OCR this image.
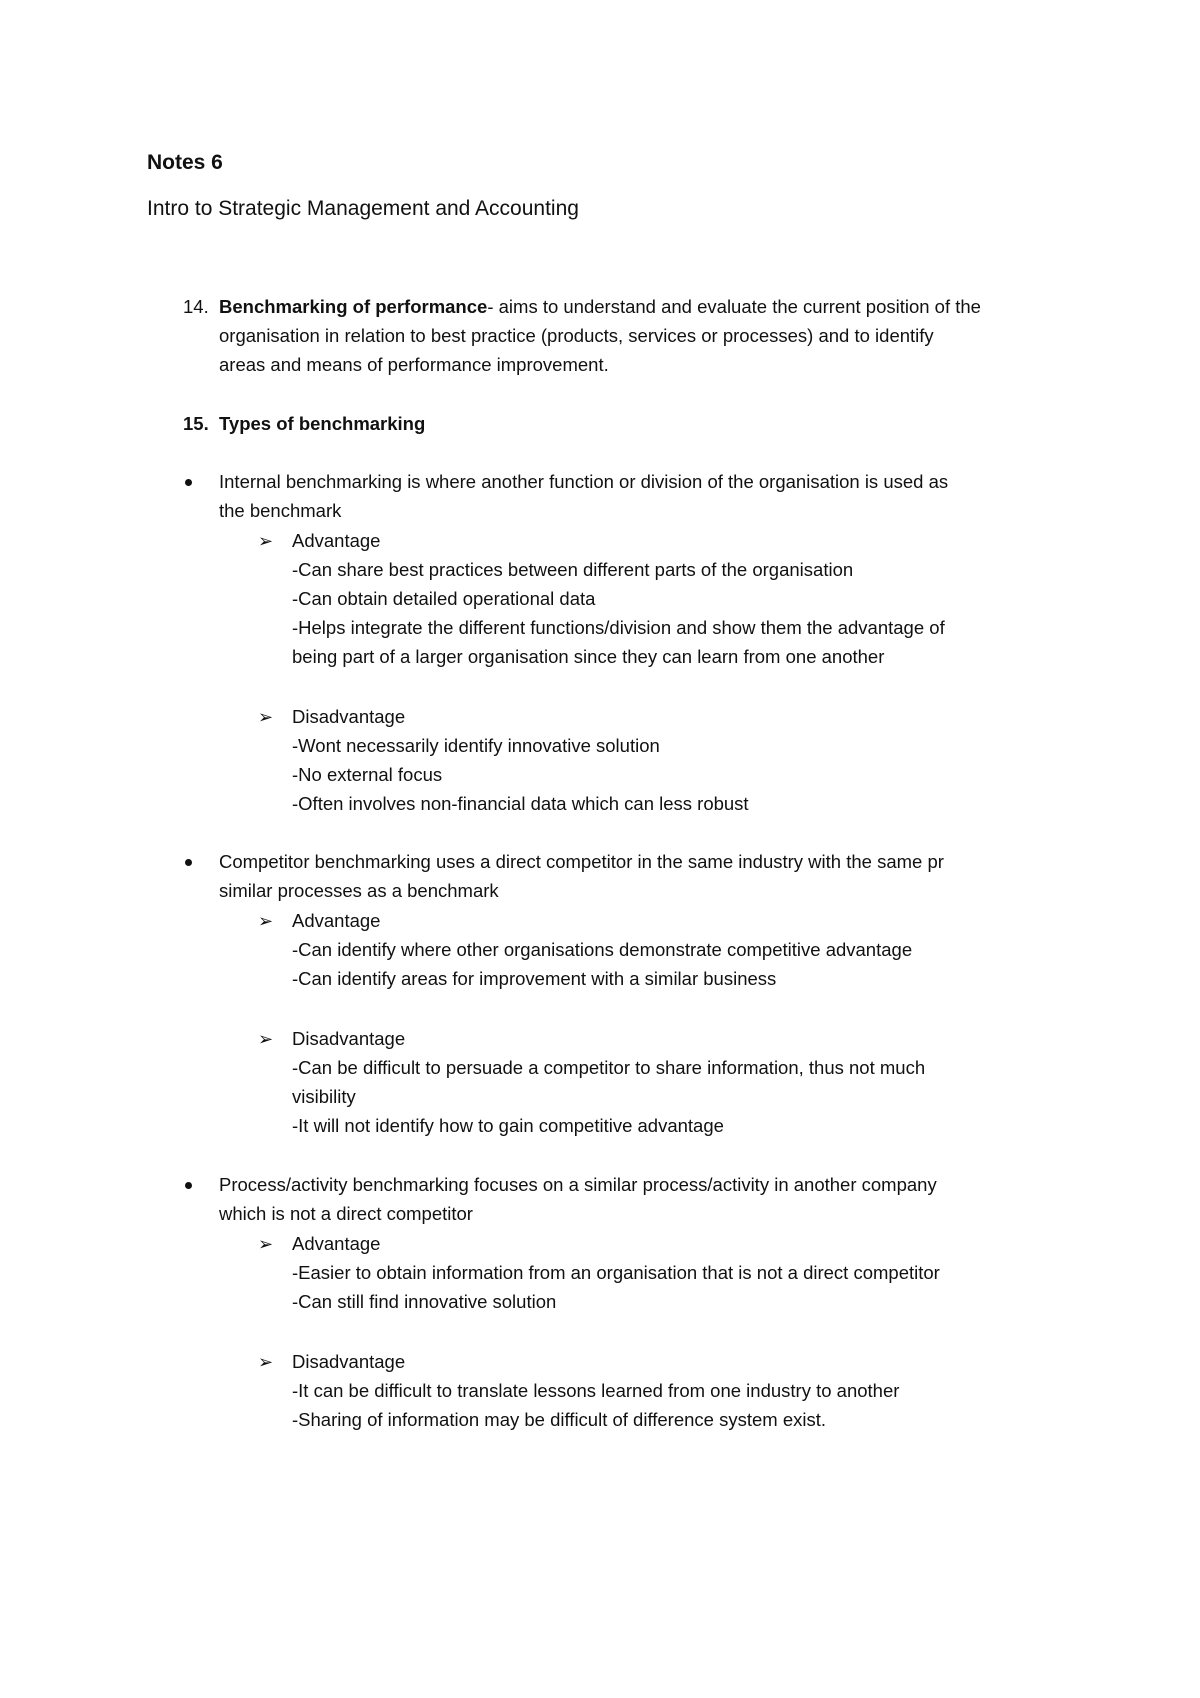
Notes 6
Intro to Strategic Management and Accounting
14. Benchmarking of performance- aims to understand and evaluate the current position of the
organisation in relation to best practice (products, services or processes) and to identify
areas and means of performance improvement.
15. Types of benchmarking
Internal benchmarking is where another function or division of the organisation is used as
the benchmark
➢ Advantage
-Can share best practices between different parts of the organisation
-Can obtain detailed operational data
-Helps integrate the different functions/division and show them the advantage of
being part of a larger organisation since they can learn from one another
➢ Disadvantage
-Wont necessarily identify innovative solution
-No external focus
-Often involves non-financial data which can less robust
Competitor benchmarking uses a direct competitor in the same industry with the same pr
similar processes as a benchmark
➢ Advantage
-Can identify where other organisations demonstrate competitive advantage
-Can identify areas for improvement with a similar business
➢ Disadvantage
-Can be difficult to persuade a competitor to share information, thus not much
visibility
-It will not identify how to gain competitive advantage
Process/activity benchmarking focuses on a similar process/activity in another company
which is not a direct competitor
➢ Advantage
-Easier to obtain information from an organisation that is not a direct competitor
-Can still find innovative solution
➢ Disadvantage
-It can be difficult to translate lessons learned from one industry to another
-Sharing of information may be difficult of difference system exist.
